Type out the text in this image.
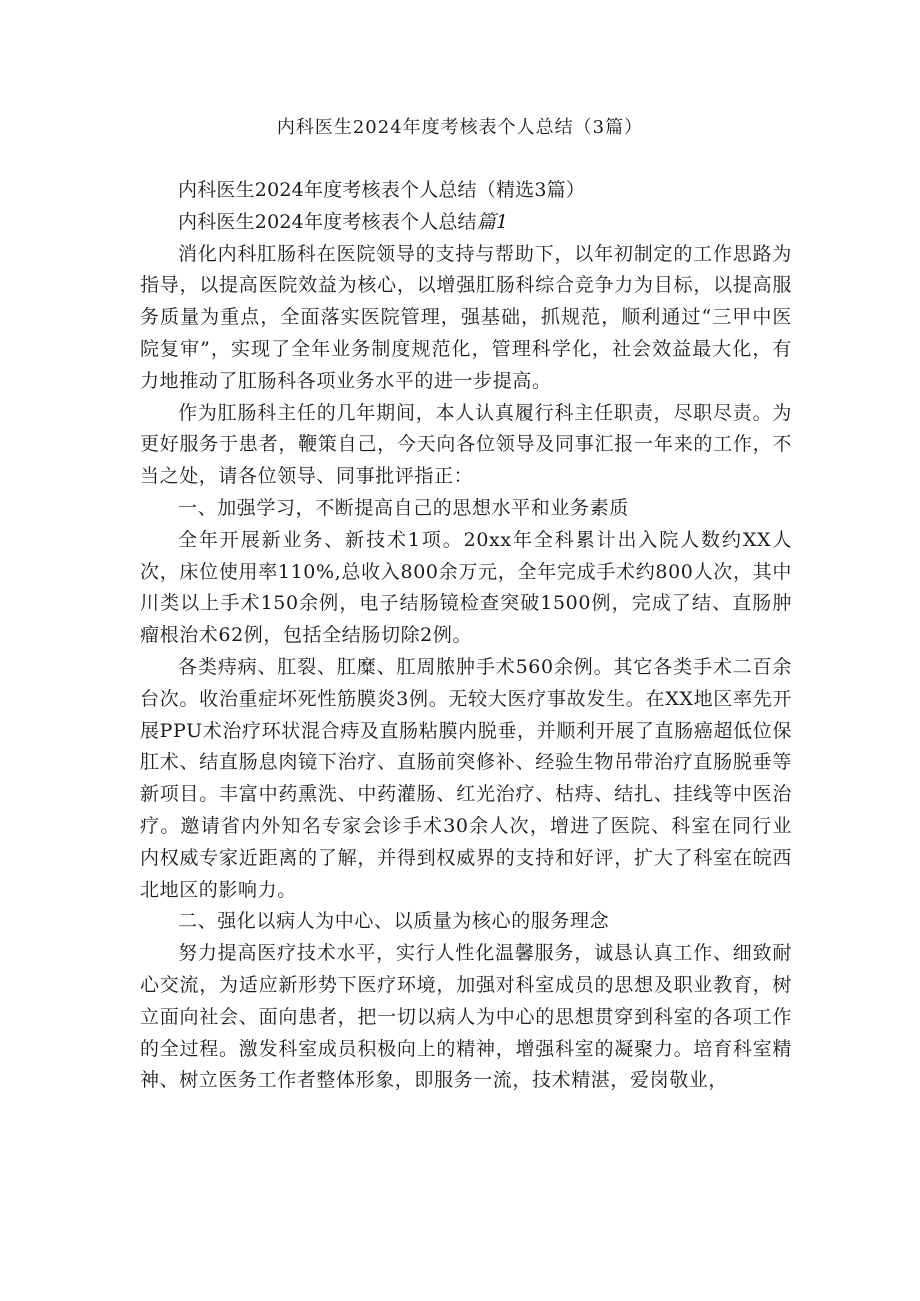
内科医生2024年度考核表个人总结（3篇）

内科医生2024年度考核表个人总结（精选3篇）

内科医生2024年度考核表个人总结篇1

消化内科肛肠科在医院领导的支持与帮助下，以年初制定的工作思路为指导，以提高医院效益为核心，以增强肛肠科综合竞争力为目标，以提高服务质量为重点，全面落实医院管理，强基础，抓规范，顺利通过“三甲中医院复审”，实现了全年业务制度规范化，管理科学化，社会效益最大化，有力地推动了肛肠科各项业务水平的进一步提高。

作为肛肠科主任的几年期间，本人认真履行科主任职责，尽职尽责。为更好服务于患者，鞭策自己，今天向各位领导及同事汇报一年来的工作，不当之处，请各位领导、同事批评指正：

一、加强学习，不断提高自己的思想水平和业务素质

全年开展新业务、新技术1项。20xx年全科累计出入院人数约XX人次，床位使用率110%,总收入800余万元，全年完成手术约800人次，其中川类以上手术150余例，电子结肠镜检查突破1500例，完成了结、直肠肿瘤根治术62例，包括全结肠切除2例。

各类痔病、肛裂、肛糜、肛周脓肿手术560余例。其它各类手术二百余台次。收治重症坏死性筋膜炎3例。无较大医疗事故发生。在XX地区率先开展PPU术治疗环状混合痔及直肠粘膜内脱垂，并顺利开展了直肠癌超低位保肛术、结直肠息肉镜下治疗、直肠前突修补、经验生物吊带治疗直肠脱垂等新项目。丰富中药熏洗、中药灌肠、红光治疗、枯痔、结扎、挂线等中医治疗。邀请省内外知名专家会诊手术30余人次，增进了医院、科室在同行业内权威专家近距离的了解，并得到权威界的支持和好评，扩大了科室在皖西北地区的影响力。

二、强化以病人为中心、以质量为核心的服务理念

努力提高医疗技术水平，实行人性化温馨服务，诚恳认真工作、细致耐心交流，为适应新形势下医疗环境，加强对科室成员的思想及职业教育，树立面向社会、面向患者，把一切以病人为中心的思想贯穿到科室的各项工作的全过程。激发科室成员积极向上的精神，增强科室的凝聚力。培育科室精神、树立医务工作者整体形象，即服务一流，技术精湛，爱岗敬业，
